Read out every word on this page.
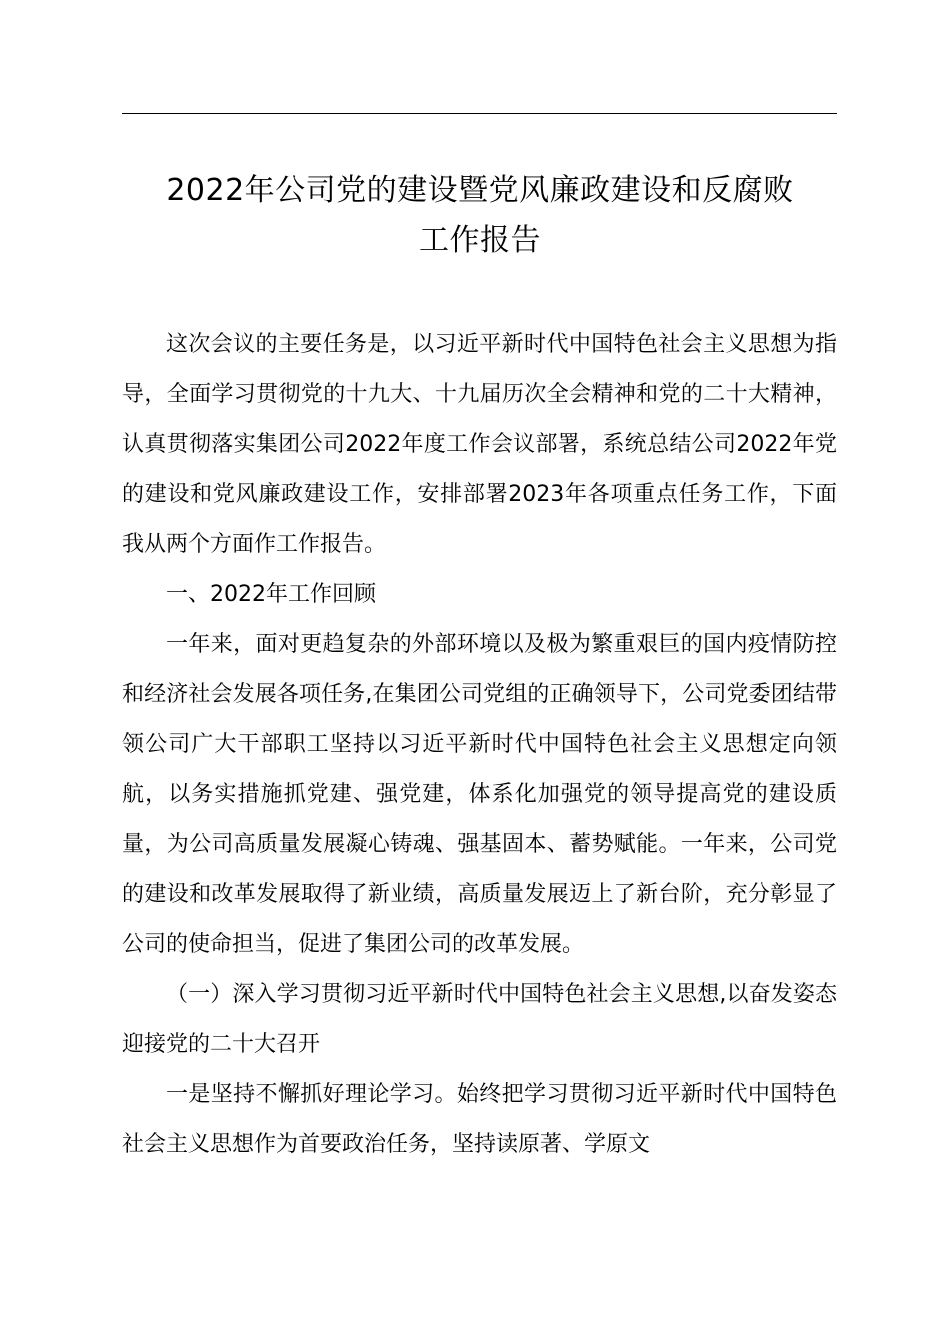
2022年公司党的建设暨党风廉政建设和反腐败
工作报告

这次会议的主要任务是，以习近平新时代中国特色社会主义思想为指导，全面学习贯彻党的十九大、十九届历次全会精神和党的二十大精神，认真贯彻落实集团公司2022年度工作会议部署，系统总结公司2022年党的建设和党风廉政建设工作，安排部署2023年各项重点任务工作，下面我从两个方面作工作报告。

一、2022年工作回顾

一年来，面对更趋复杂的外部环境以及极为繁重艰巨的国内疫情防控和经济社会发展各项任务,在集团公司党组的正确领导下，公司党委团结带领公司广大干部职工坚持以习近平新时代中国特色社会主义思想定向领航，以务实措施抓党建、强党建，体系化加强党的领导提高党的建设质量，为公司高质量发展凝心铸魂、强基固本、蓄势赋能。一年来，公司党的建设和改革发展取得了新业绩，高质量发展迈上了新台阶，充分彰显了公司的使命担当，促进了集团公司的改革发展。

（一）深入学习贯彻习近平新时代中国特色社会主义思想,以奋发姿态迎接党的二十大召开

一是坚持不懈抓好理论学习。始终把学习贯彻习近平新时代中国特色社会主义思想作为首要政治任务，坚持读原著、学原文
